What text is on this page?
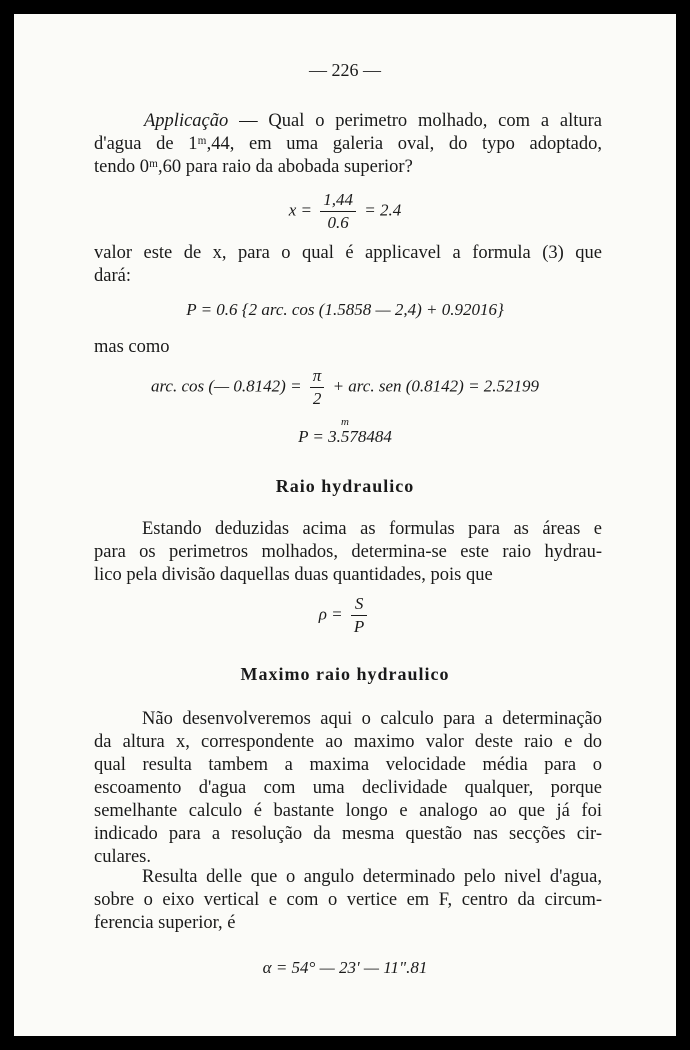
— 226 —
Applicação — Qual o perimetro molhado, com a altura
d'agua de 1ᵐ,44, em uma galeria oval, do typo adoptado,
tendo 0ᵐ,60 para raio da abobada superior?
$x = \frac{1,44}{0.6} = 2.4$
valor este de x, para o qual é applicavel a formula (3) que
dará:
P = 0.6 {2 arc. cos (1.5858 — 2,4) + 0.92016}
mas como
arc. cos (— $0.8142) = \frac{\pi}{2}$ + arc. sen (0.8142) = 2.52199
m
P = 3.578484
Raio hydraulico
Estando deduzidas acima as formulas para as áreas e
para os perimetros molhados, determina-se este raio hydrau-
lico pela divisão daquellas duas quantidades, pois que
$\rho = \frac{S}{P}$
Maximo raio hydraulico
Não desenvolveremos aqui o calculo para a determinação
da altura x, correspondente ao maximo valor deste raio e do
qual resulta tambem a maxima velocidade média para o
escoamento d'agua com uma declividade qualquer, porque
semelhante calculo é bastante longo e analogo ao que já foi
indicado para a resolução da mesma questão nas secções cir-
culares.
Resulta delle que o angulo determinado pelo nivel d'agua,
sobre o eixo vertical e com o vertice em F, centro da circum-
ferencia superior, é
α = 54° — 23' — 11".81
